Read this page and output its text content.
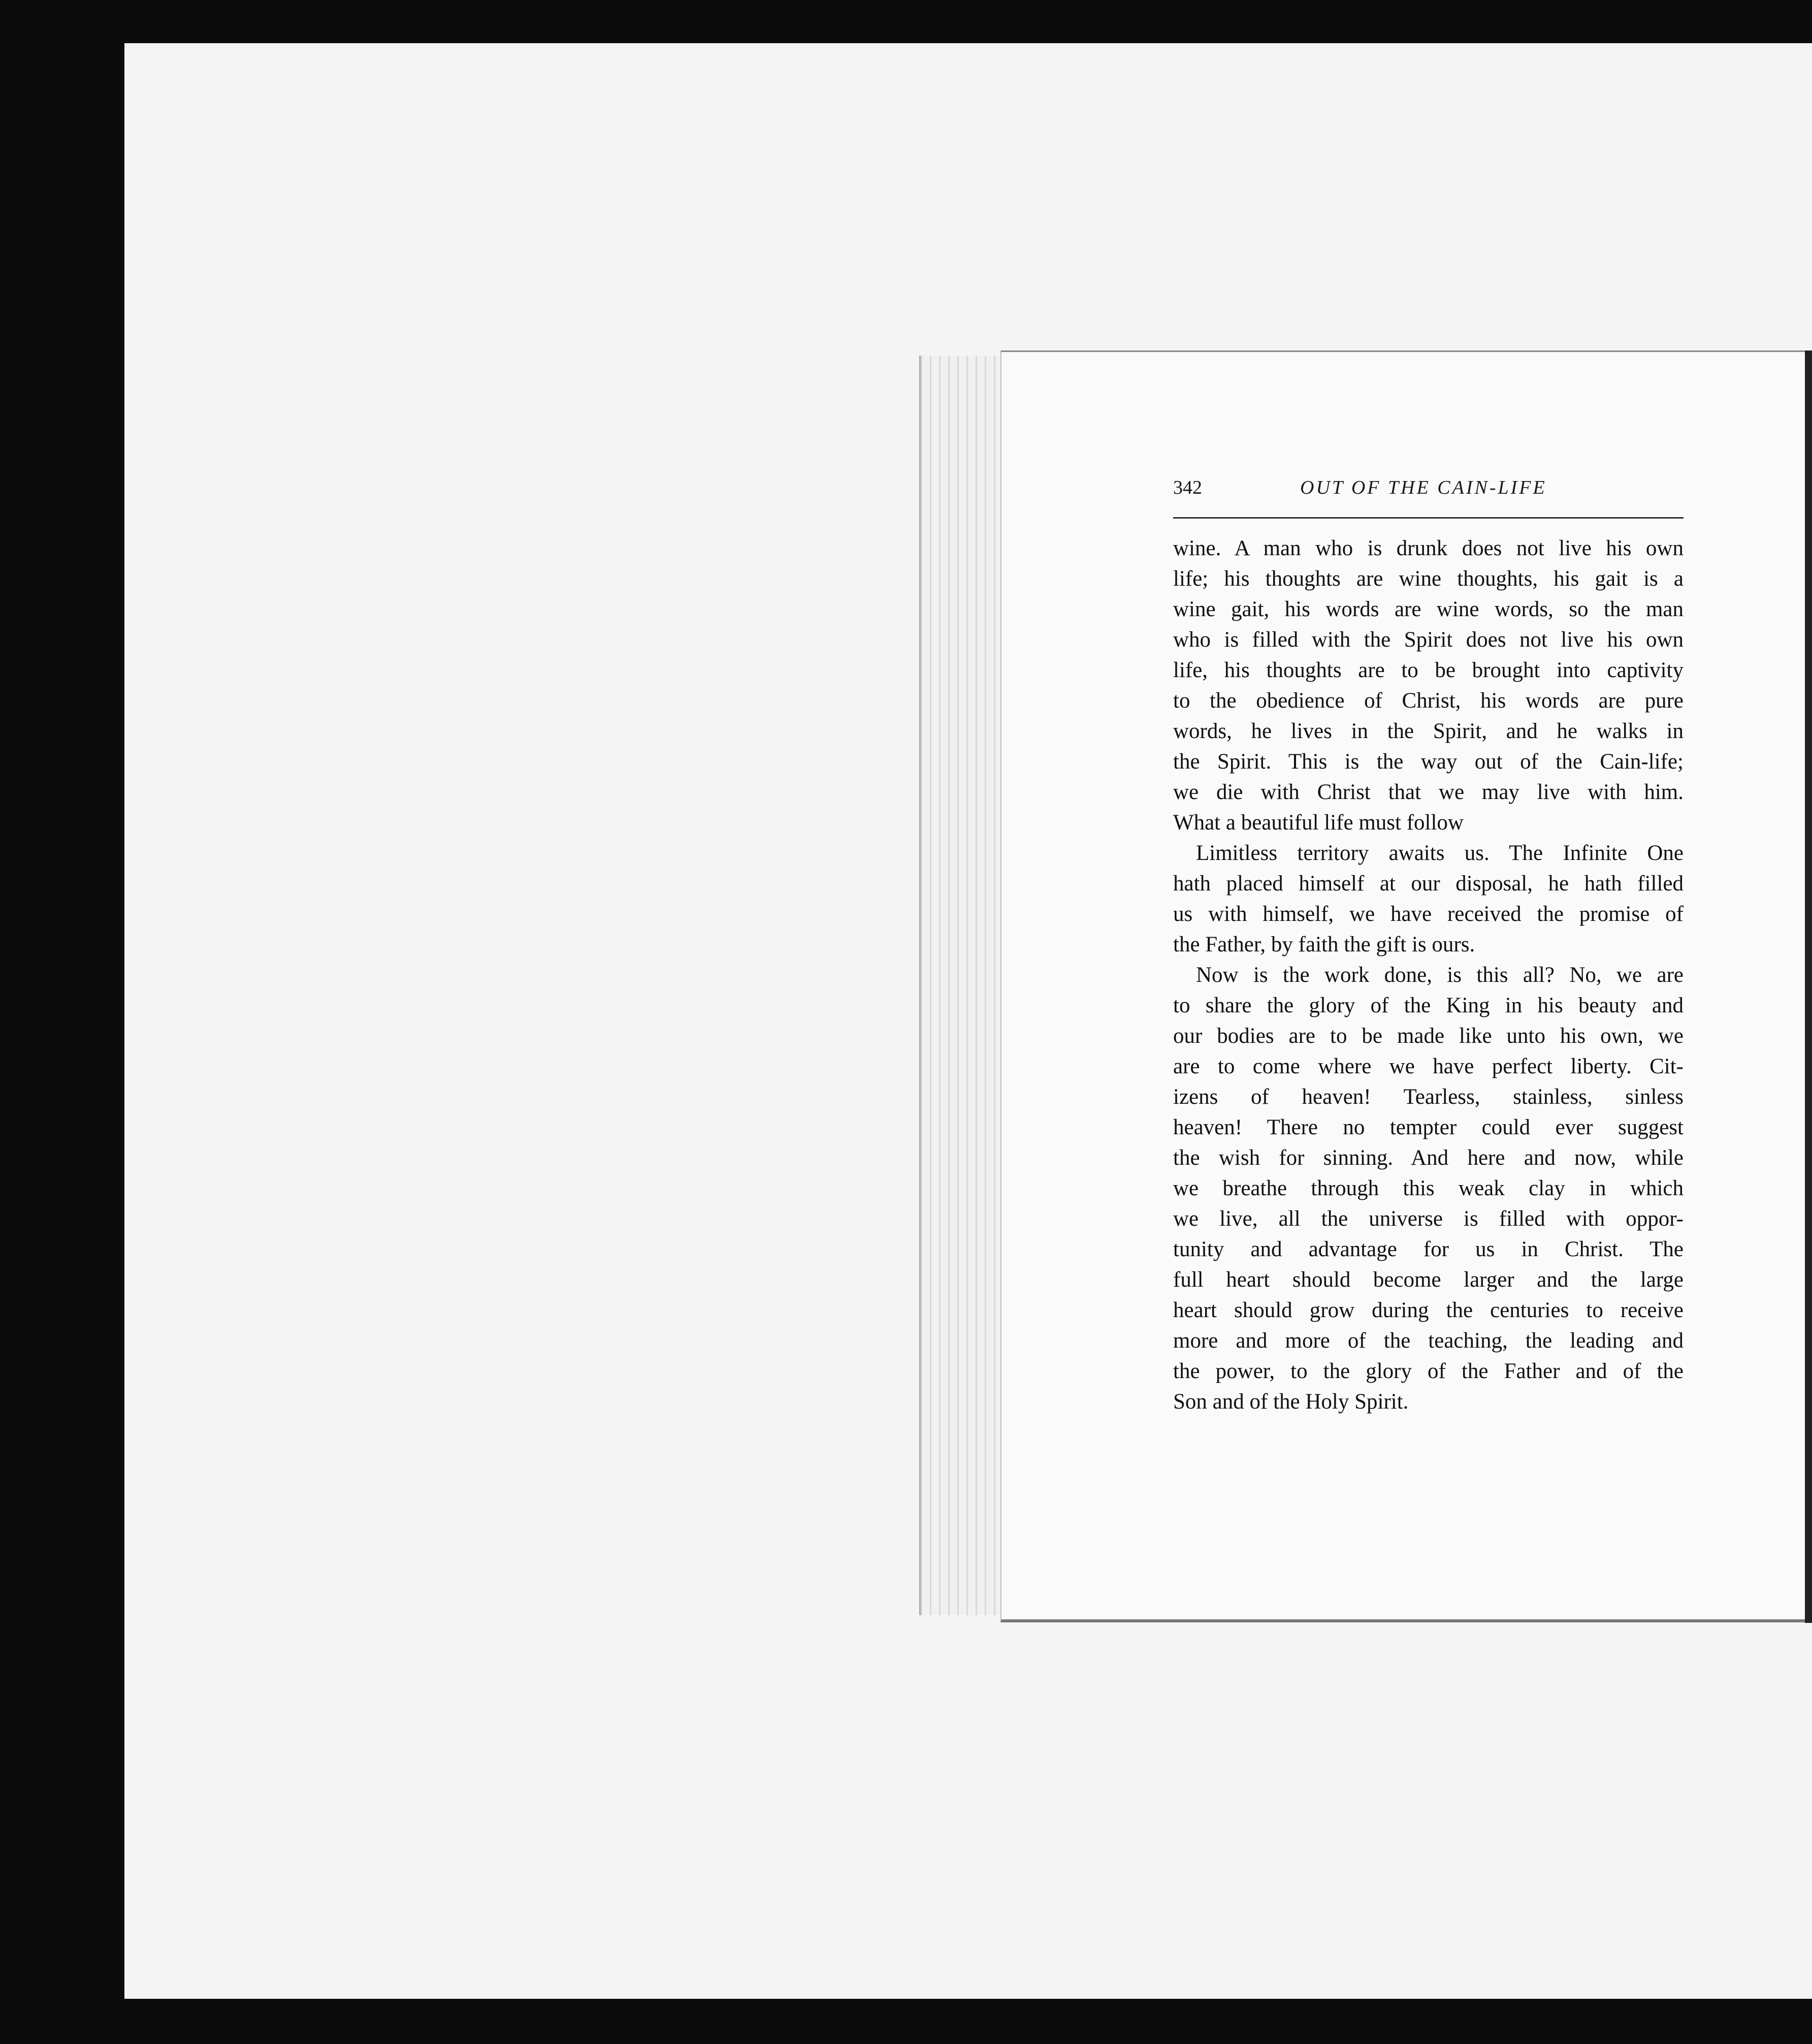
342	OUT OF THE CAIN-LIFE
wine. A man who is drunk does not live his own
life; his thoughts are wine thoughts, his gait is a
wine gait, his words are wine words, so the man
who is filled with the Spirit does not live his own
life, his thoughts are to be brought into captivity
to the obedience of Christ, his words are pure
words, he lives in the Spirit, and he walks in
the Spirit. This is the way out of the Cain-life;
we die with Christ that we may live with him.
What a beautiful life must follow
Limitless territory awaits us. The Infinite One
hath placed himself at our disposal, he hath filled
us with himself, we have received the promise of
the Father, by faith the gift is ours.
Now is the work done, is this all? No, we are
to share the glory of the King in his beauty and
our bodies are to be made like unto his own, we
are to come where we have perfect liberty. Cit-
izens of heaven! Tearless, stainless, sinless
heaven! There no tempter could ever suggest
the wish for sinning. And here and now, while
we breathe through this weak clay in which
we live, all the universe is filled with oppor-
tunity and advantage for us in Christ. The
full heart should become larger and the large
heart should grow during the centuries to receive
more and more of the teaching, the leading and
the power, to the glory of the Father and of the
Son and of the Holy Spirit.
